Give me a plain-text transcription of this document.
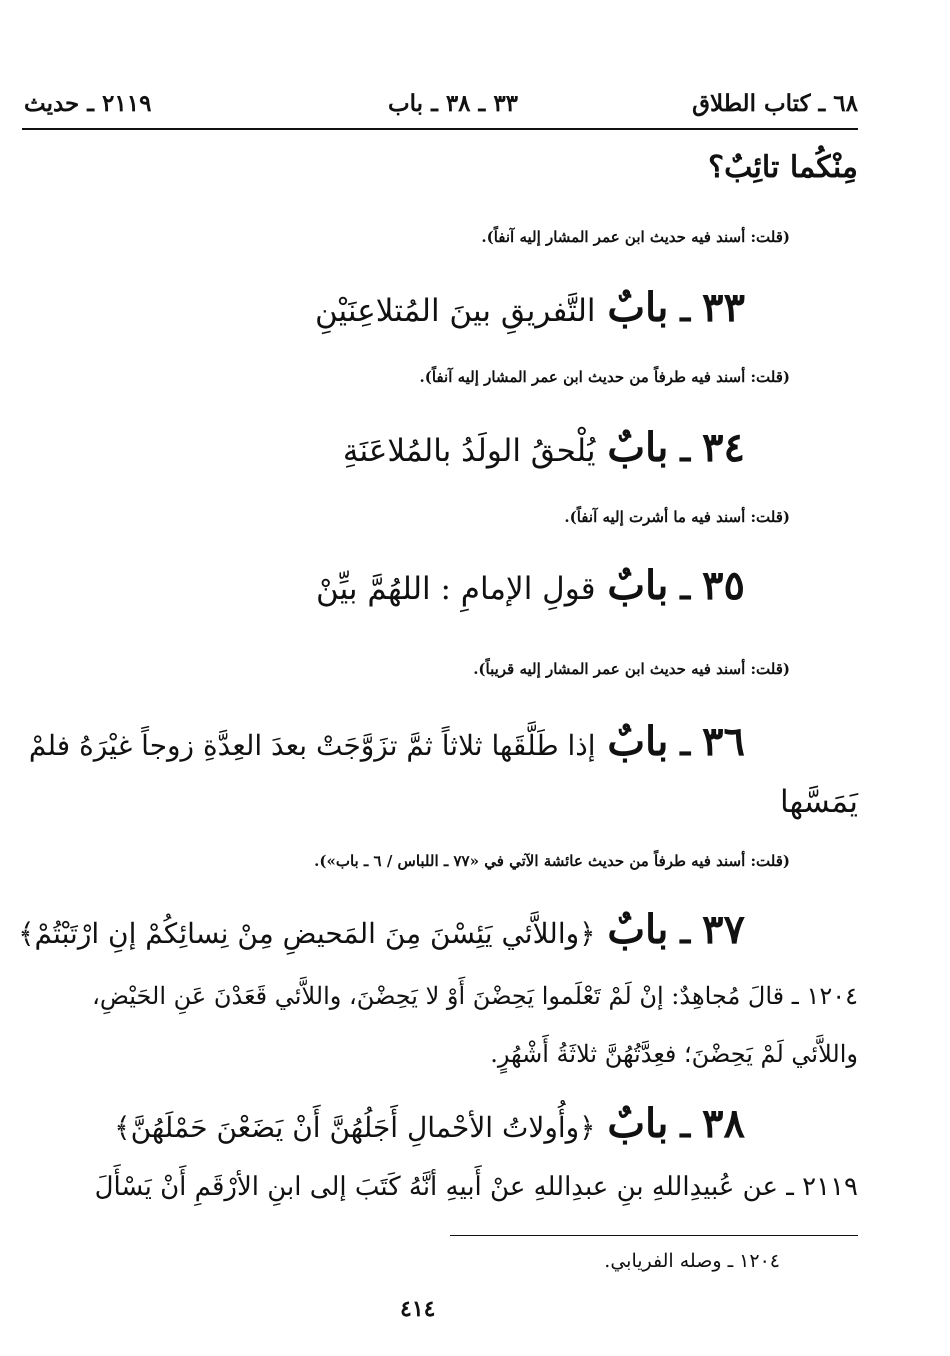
٦٨ ـ كتاب الطلاق
٣٣ ـ ٣٨ ـ باب
٢١١٩ ـ حديث
مِنْكُما تائِبٌ؟
(قلت: أسند فيه حديث ابن عمر المشار إليه آنفاً).
٣٣ ـ بابٌ التَّفريقِ بينَ المُتلاعِنَيْنِ
(قلت: أسند فيه طرفاً من حديث ابن عمر المشار إليه آنفاً).
٣٤ ـ بابٌ يُلْحقُ الولَدُ بالمُلاعَنَةِ
(قلت: أسند فيه ما أشرت إليه آنفاً).
٣٥ ـ بابٌ قولِ الإمامِ : اللهُمَّ بيِّنْ
(قلت: أسند فيه حديث ابن عمر المشار إليه قريباً).
٣٦ ـ بابٌ إذا طَلَّقَها ثلاثاً ثمَّ تزَوَّجَتْ بعدَ العِدَّةِ زوجاً غيْرَهُ فلمْ
يَمَسَّها
(قلت: أسند فيه طرفاً من حديث عائشة الآتي في «٧٧ ـ اللباس / ٦ ـ باب»).
٣٧ ـ بابٌ ﴿واللاَّئي يَئِسْنَ مِنَ المَحيضِ مِنْ نِسائِكُمْ إنِ ارْتَبْتُمْ﴾
١٢٠٤ ـ قالَ مُجاهِدٌ: إنْ لَمْ تَعْلَموا يَحِضْنَ أَوْ لا يَحِضْنَ، واللاَّئي قَعَدْنَ عَنِ الحَيْضِ،
واللاَّئي لَمْ يَحِضْنَ؛ فعِدَّتُهُنَّ ثلاثَةُ أَشْهُرٍ.
٣٨ ـ بابٌ ﴿وأُولاتُ الأحْمالِ أَجَلُهُنَّ أَنْ يَضَعْنَ حَمْلَهُنَّ﴾
٢١١٩ ـ عن عُبيدِاللهِ بنِ عبدِاللهِ عنْ أَبيهِ أنَّهُ كَتَبَ إلى ابنِ الأرْقَمِ أَنْ يَسْأَلَ
١٢٠٤ ـ وصله الفريابي.
٤١٤
